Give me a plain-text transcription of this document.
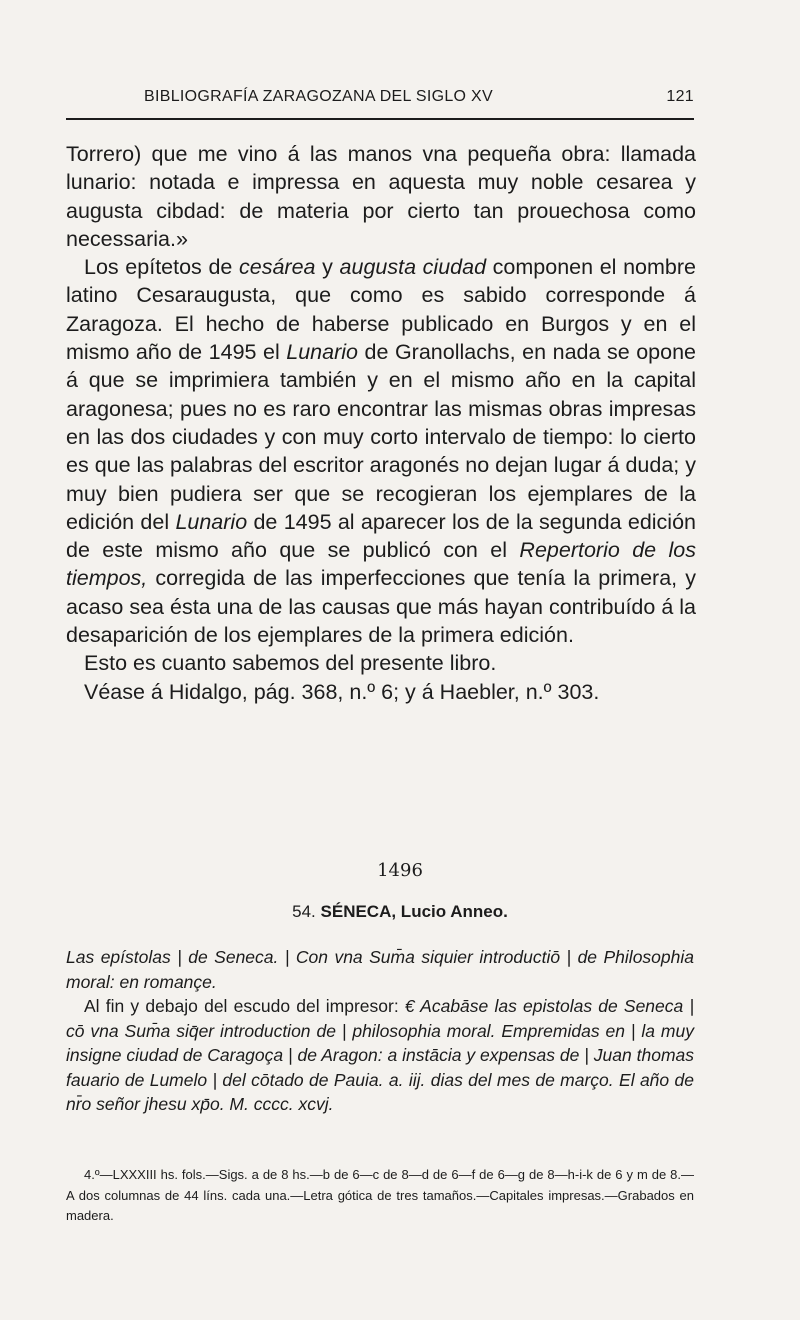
BIBLIOGRAFÍA ZARAGOZANA DEL SIGLO XV	121

Torrero) que me vino á las manos vna pequeña obra: llamada lunario: notada e impressa en aquesta muy noble cesarea y augusta cibdad: de materia por cierto tan prouechosa como necessaria.»

Los epítetos de cesárea y augusta ciudad componen el nombre latino Cesaraugusta, que como es sabido corresponde á Zaragoza. El hecho de haberse publicado en Burgos y en el mismo año de 1495 el Lunario de Granollachs, en nada se opone á que se imprimiera también y en el mismo año en la capital aragonesa; pues no es raro encontrar las mismas obras impresas en las dos ciudades y con muy corto intervalo de tiempo: lo cierto es que las palabras del escritor aragonés no dejan lugar á duda; y muy bien pudiera ser que se recogieran los ejemplares de la edición del Lunario de 1495 al aparecer los de la segunda edición de este mismo año que se publicó con el Repertorio de los tiempos, corregida de las imperfecciones que tenía la primera, y acaso sea ésta una de las causas que más hayan contribuído á la desaparición de los ejemplares de la primera edición.

Esto es cuanto sabemos del presente libro.

Véase á Hidalgo, pág. 368, n.º 6; y á Haebler, n.º 303.

1496
54. SÉNECA, Lucio Anneo.

Las epístolas | de Seneca. | Con vna Sum̄a siquier introductiō | de Philosophia moral: en romançe.

Al fin y debajo del escudo del impresor: € Acabāse las epistolas de Seneca | cō vna Sum̄a siq̄er introduction de | philosophia moral. Empremidas en | la muy insigne ciudad de Caragoça | de Aragon: a instācia y expensas de | Juan thomas fauario de Lumelo | del cōtado de Pauia. a. iij. dias del mes de março. El año de nr̄o señor jhesu xp̄o. M. cccc. xcvj.

4.º—LXXXIII hs. fols.—Sigs. a de 8 hs.—b de 6—c de 8—d de 6—f de 6—g de 8—h-i-k de 6 y m de 8.—A dos columnas de 44 líns. cada una.—Letra gótica de tres tamaños.—Capitales impresas.—Grabados en madera.
